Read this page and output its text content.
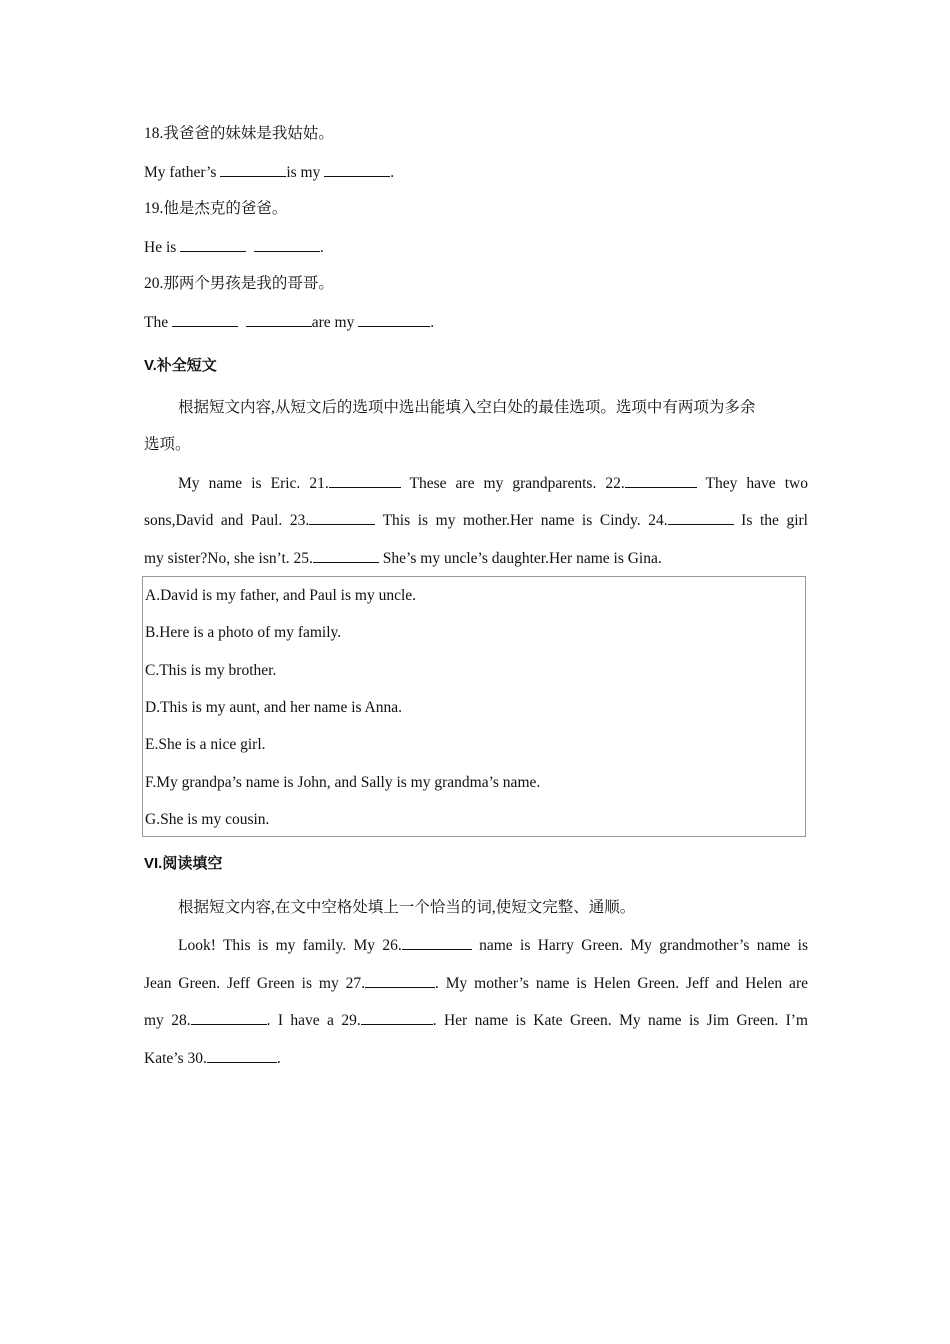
18.我爸爸的妹妹是我姑姑。
My father’s	is my	.
19.他是杰克的爸爸。
He is	.
20.那两个男孩是我的哥哥。
The	are my	.
V.补全短文
根据短文内容,从短文后的选项中选出能填入空白处的最佳选项。选项中有两项为多余
选项。
My name is Eric. 21.	These are my grandparents. 22.	They have two
sons,David and Paul. 23.	This is my mother.Her name is Cindy. 24.	Is the girl
my sister?No, she isn’t. 25.	She’s my uncle’s daughter.Her name is Gina.
A.David is my father, and Paul is my uncle.
B.Here is a photo of my family.
C.This is my brother.
D.This is my aunt, and her name is Anna.
E.She is a nice girl.
F.My grandpa’s name is John, and Sally is my grandma’s name.
G.She is my cousin.
VI.阅读填空
根据短文内容,在文中空格处填上一个恰当的词,使短文完整、通顺。
Look! This is my family. My 26.	name is Harry Green. My grandmother’s name is
Jean Green. Jeff Green is my 27.	. My mother’s name is Helen Green. Jeff and Helen are
my 28.	. I have a 29.	. Her name is Kate Green. My name is Jim Green. I’m
Kate’s 30.	.
